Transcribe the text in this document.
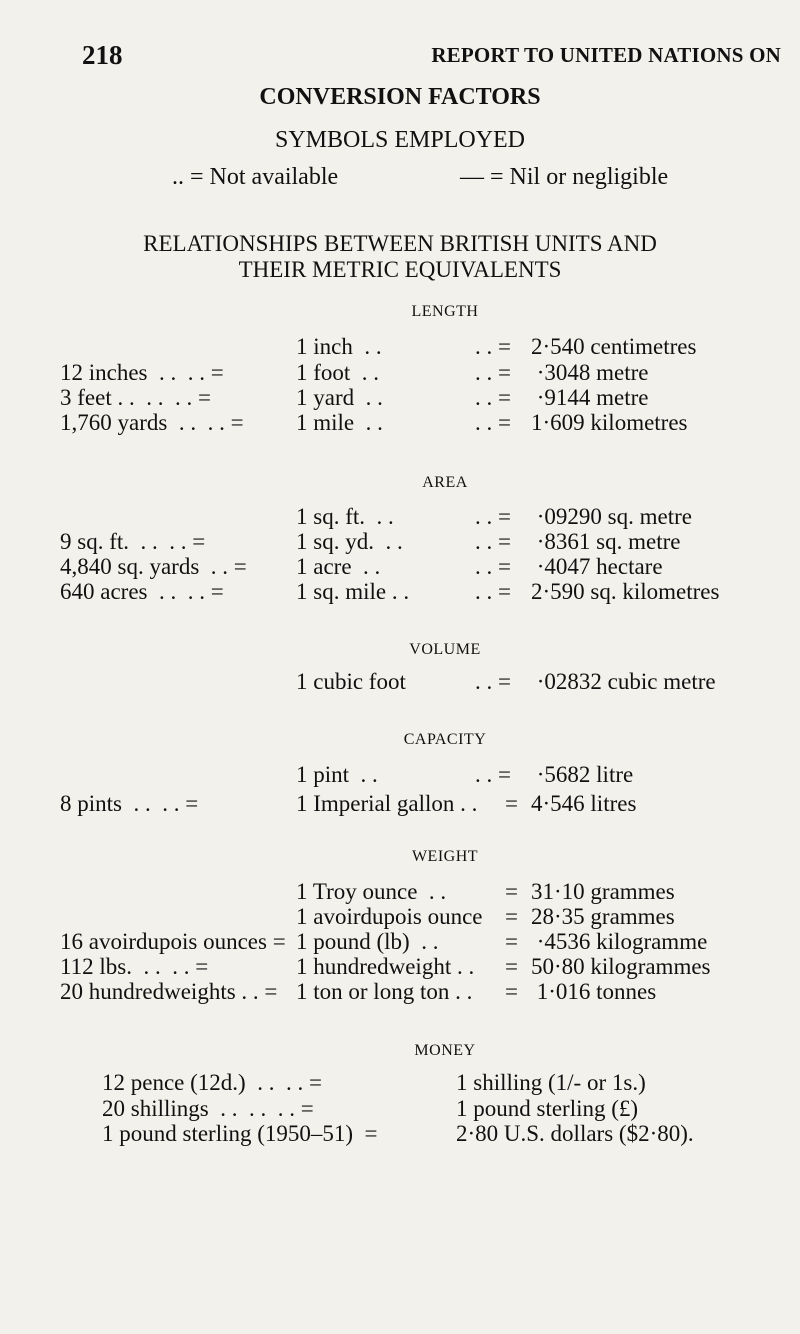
218	REPORT TO UNITED NATIONS ON
CONVERSION FACTORS
SYMBOLS EMPLOYED
.. = Not available	— = Nil or negligible
RELATIONSHIPS BETWEEN BRITISH UNITS AND
THEIR METRIC EQUIVALENTS
LENGTH
1 inch  . .	. . = 2·540 centimetres
12 inches  . .  . . =	1 foot  . .	. . = ·3048 metre
3 feet . .  . .  . . =	1 yard  . .	. . = ·9144 metre
1,760 yards  . .  . . = 1 mile  . .	. . = 1·609 kilometres
AREA
1 sq. ft.  . .	. . = ·09290 sq. metre
9 sq. ft.  . .  . . =	1 sq. yd.  . .	. . = ·8361 sq. metre
4,840 sq. yards  . . = 1 acre  . .	. . = ·4047 hectare
640 acres  . .  . . =	1 sq. mile . .	. . = 2·590 sq. kilometres
VOLUME
1 cubic foot	. . = ·02832 cubic metre
CAPACITY
1 pint  . .	. . = ·5682 litre
8 pints  . .  . . =	1 Imperial gallon . . = 4·546 litres
WEIGHT
1 Troy ounce  . .	= 31·10 grammes
1 avoirdupois ounce = 28·35 grammes
16 avoirdupois ounces = 1 pound (lb)  . .	= ·4536 kilogramme
112 lbs.  . .  . . =	1 hundredweight . . = 50·80 kilogrammes
20 hundredweights . . = 1 ton or long ton . . = 1·016 tonnes
MONEY
12 pence (12d.)  . .  . . =	1 shilling (1/- or 1s.)
20 shillings  . .  . .  . . =	1 pound sterling (£)
1 pound sterling (1950–51)  =	2·80 U.S. dollars ($2·80).
